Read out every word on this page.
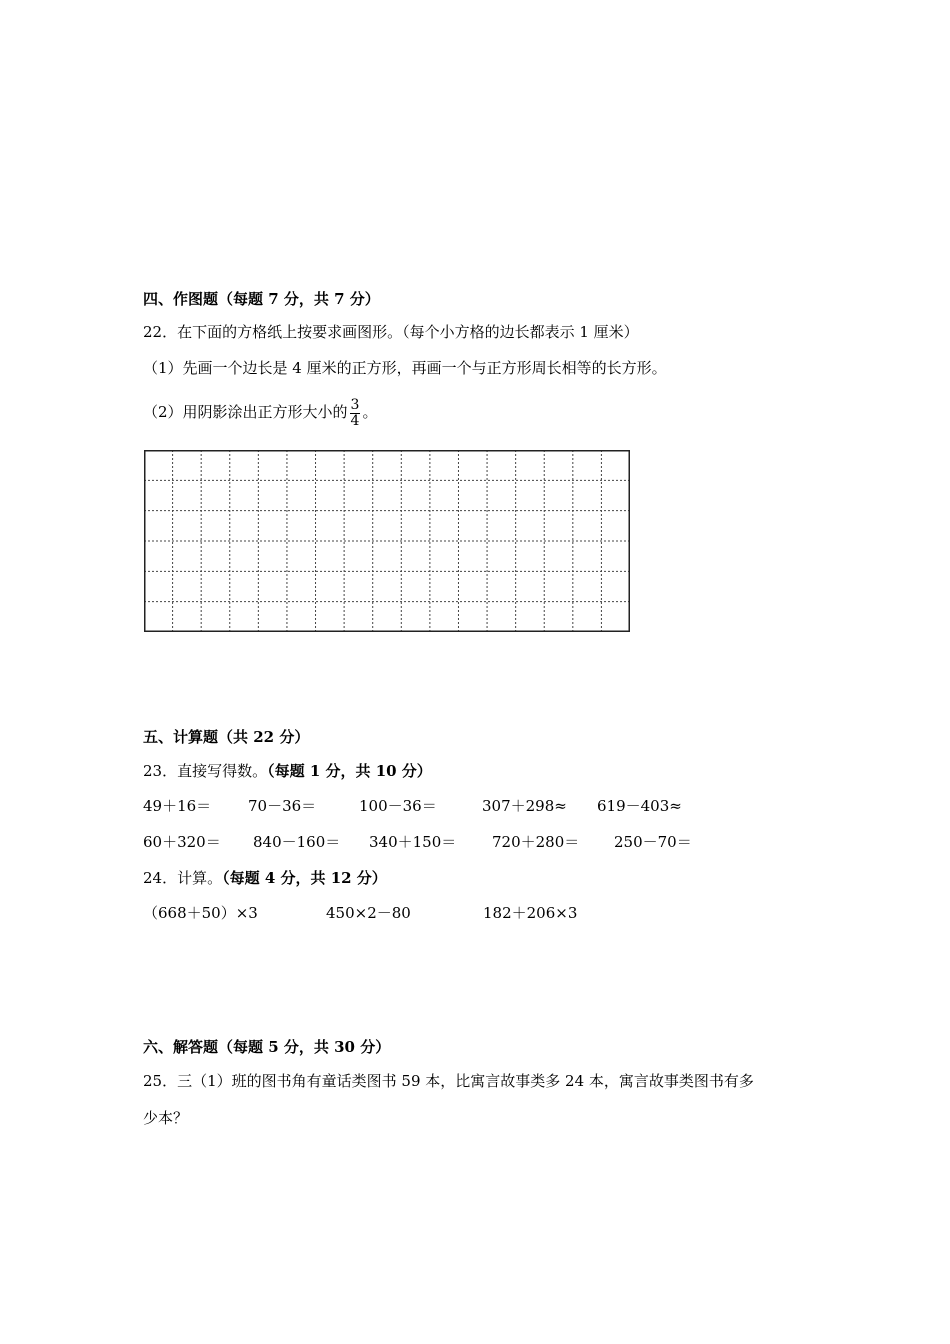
四、作图题（每题 7 分，共 7 分）
22．在下面的方格纸上按要求画图形。（每个小方格的边长都表示 1 厘米）
（1）先画一个边长是 4 厘米的正方形，再画一个与正方形周长相等的长方形。
（2）用阴影涂出正方形大小的 $\frac{3}{4}$ 。
五、计算题（共 22 分）
23．直接写得数。（每题 1 分，共 10 分）
49＋16＝ 70－36＝	100－36＝	307＋298≈ 619－403≈
60＋320＝ 840－160＝ 340＋150＝ 720＋280＝ 250－70＝
24．计算。（每题 4 分，共 12 分）
（668＋50）×3	450×2－80	182＋206×3
六、解答题（每题 5 分，共 30 分）
25．三（1）班的图书角有童话类图书 59 本，比寓言故事类多 24 本，寓言故事类图书有多
少本？
